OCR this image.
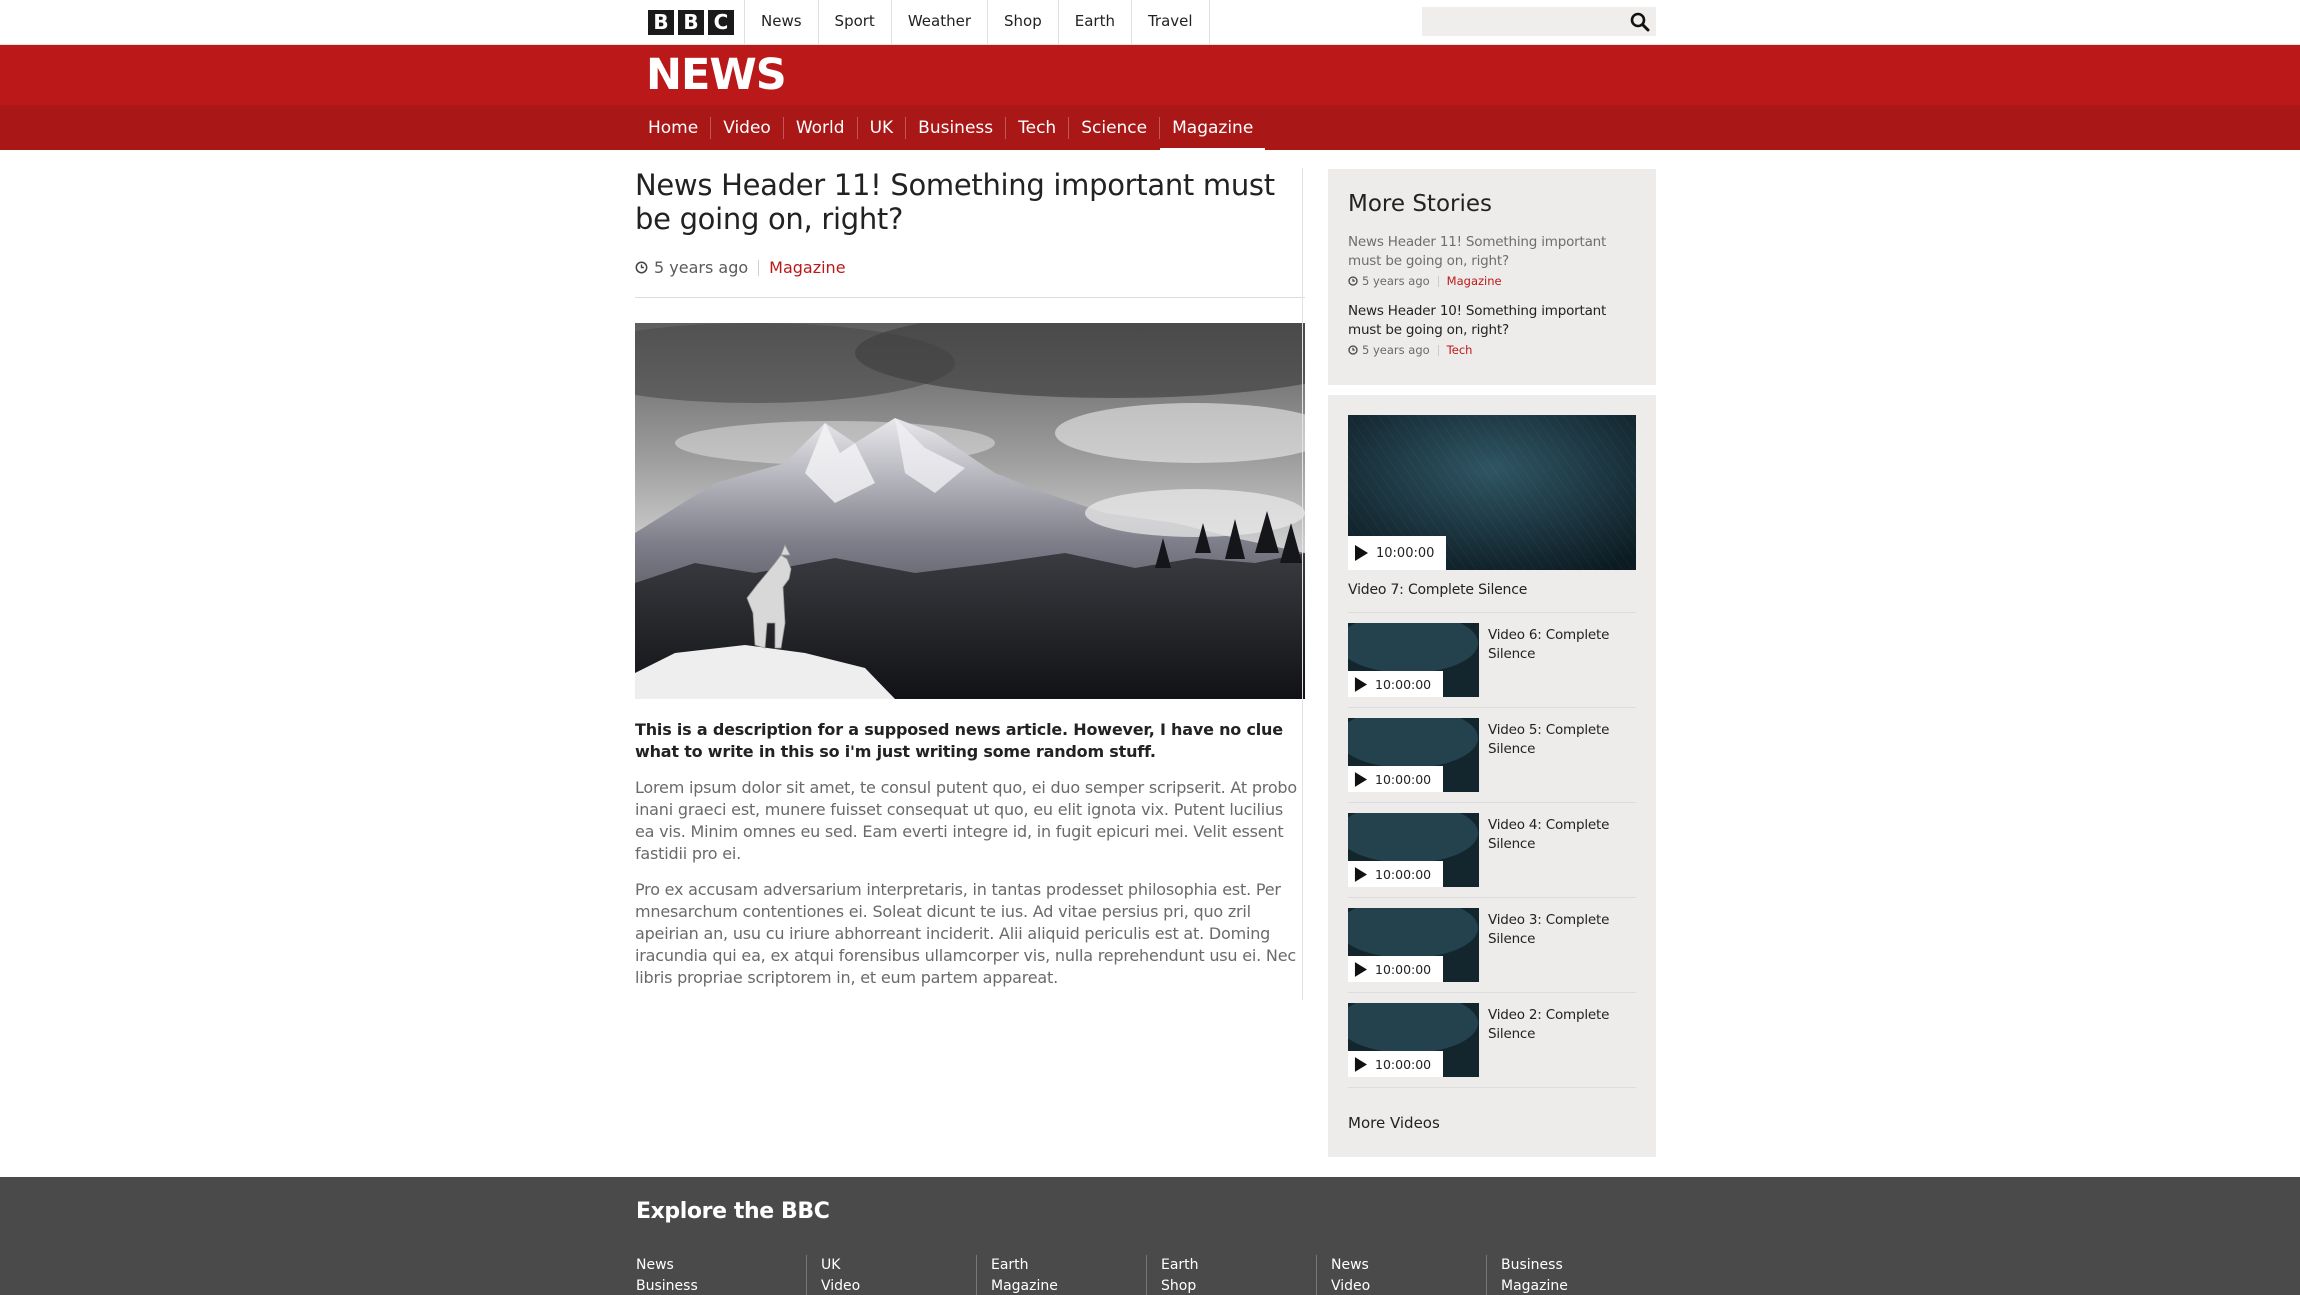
B B C	News	Sport	Weather	Shop	Earth	Travel
NEWS
Home	Video	World	UK	Business	Tech	Science	Magazine
News Header 11! Something important must be going on, right?
5 years ago Magazine

This is a description for a supposed news article. However, I have no clue what to write in this so i'm just writing some random stuff.

Lorem ipsum dolor sit amet, te consul putent quo, ei duo semper scripserit. At probo inani graeci est, munere fuisset consequat ut quo, eu elit ignota vix. Putent lucilius ea vis. Minim omnes eu sed. Eam everti integre id, in fugit epicuri mei. Velit essent fastidii pro ei.

Pro ex accusam adversarium interpretaris, in tantas prodesset philosophia est. Per mnesarchum contentiones ei. Soleat dicunt te ius. Ad vitae persius pri, quo zril apeirian an, usu cu iriure abhorreant inciderit. Alii aliquid periculis est at. Doming iracundia qui ea, ex atqui forensibus ullamcorper vis, nulla reprehendunt usu ei. Nec libris propriae scriptorem in, et eum partem appareat.

More Stories
News Header 11! Something important must be going on, right?
5 years ago Magazine
News Header 10! Something important must be going on, right?
5 years ago Tech
10:00:00
Video 7: Complete Silence
10:00:00
Video 6: Complete Silence
10:00:00
Video 5: Complete Silence
10:00:00
Video 4: Complete Silence
10:00:00
Video 3: Complete Silence
10:00:00
Video 2: Complete Silence
More Videos
Explore the BBC
News
Business
UK
Video
Earth
Magazine
Earth
Shop
News
Video
Business
Magazine
